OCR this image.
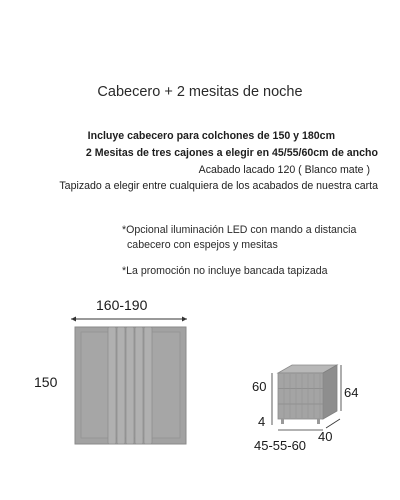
Cabecero + 2 mesitas de noche
Incluye cabecero para colchones de 150 y 180cm
2 Mesitas de tres cajones a elegir en 45/55/60cm de ancho
Acabado lacado 120 ( Blanco mate )
Tapizado a elegir entre cualquiera de los acabados de nuestra carta
*Opcional iluminación LED con mando a distancia
cabecero con espejos y mesitas
*La promoción no incluye bancada tapizada
160-190
150	60	64
4
45-55-60
40
